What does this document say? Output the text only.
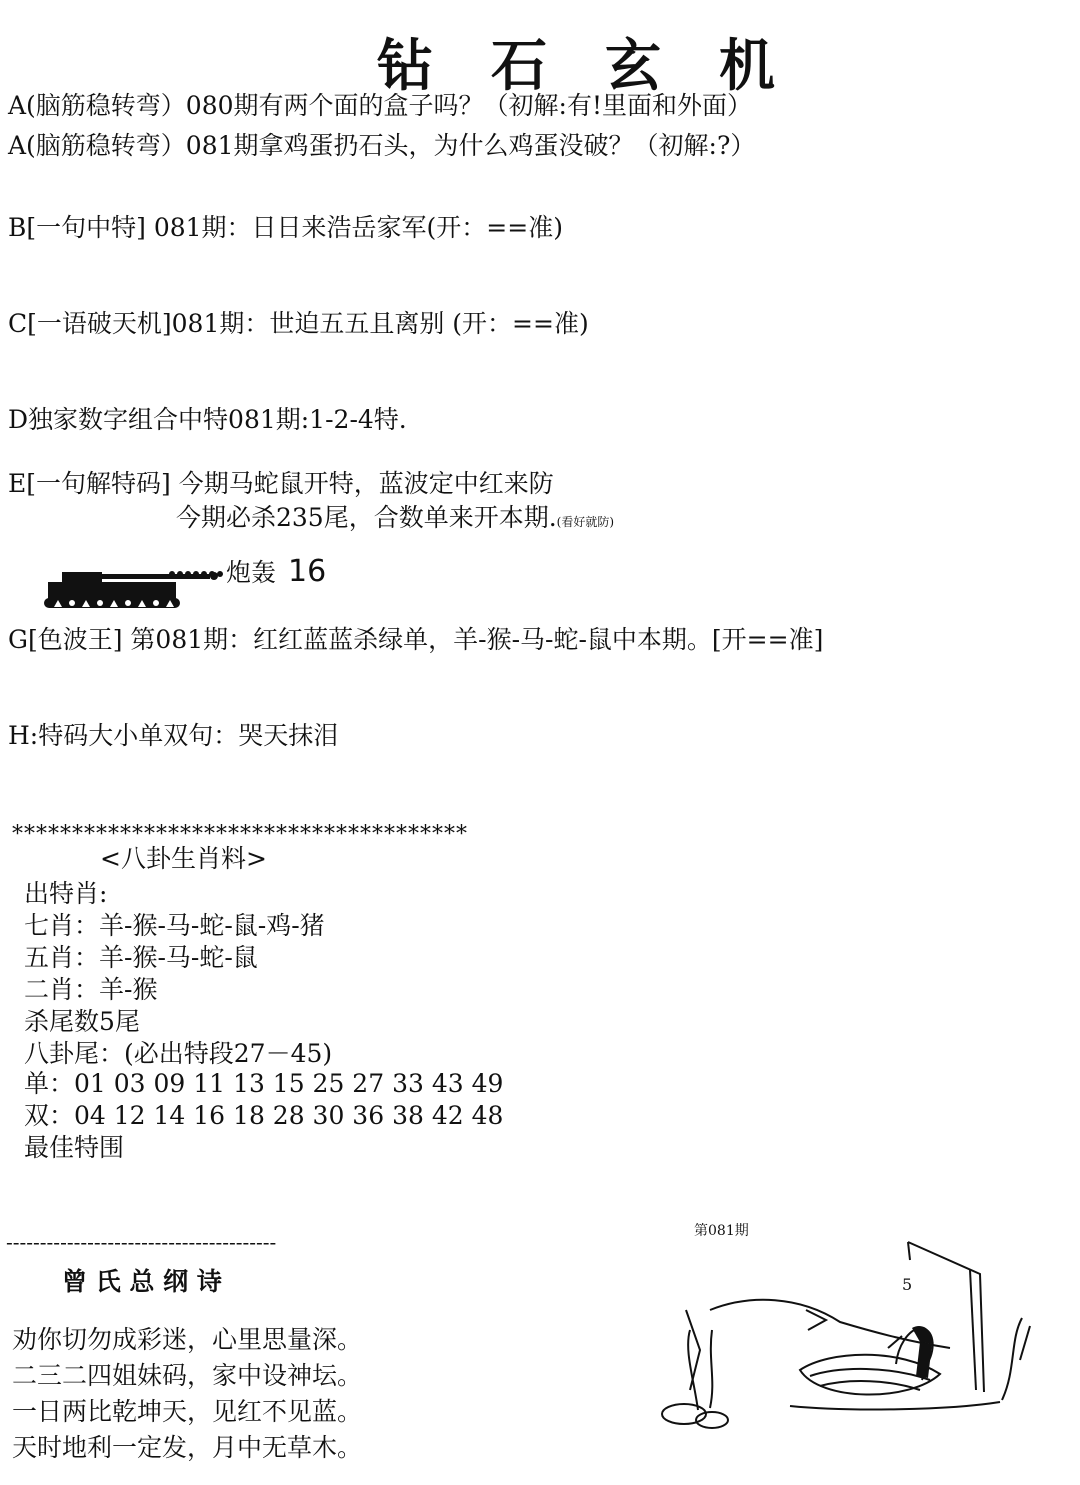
钻石玄机
A(脑筋稳转弯）080期有两个面的盒子吗？（初解:有!里面和外面）
A(脑筋稳转弯）081期拿鸡蛋扔石头，为什么鸡蛋没破？（初解:?）
B[一句中特] 081期：日日来浩岳家军(开：==准)
C[一语破天机]081期：世迫五五且离别 (开：==准)
D独家数字组合中特081期:1-2-4特.
E[一句解特码] 今期马蛇鼠开特，蓝波定中红来防
今期必杀235尾，合数单来开本期.(看好就防)
炮轰 16
G[色波王] 第081期：红红蓝蓝杀绿单，羊-猴-马-蛇-鼠中本期。[开==准]
H:特码大小单双句：哭天抹泪
**************************************
<八卦生肖料>
出特肖:
七肖：羊-猴-马-蛇-鼠-鸡-猪
五肖：羊-猴-马-蛇-鼠
二肖：羊-猴
杀尾数5尾
八卦尾：(必出特段27－45)
单：01 03 09 11 13 15 25 27 33 43 49
双：04 12 14 16 18 28 30 36 38 42 48
最佳特围
----------------------------------------
曾 氏 总 纲 诗
劝你切勿成彩迷，心里思量深。
二三二四姐妹码，家中设神坛。
一日两比乾坤天，见红不见蓝。
天时地利一定发，月中无草木。
第081期
5
